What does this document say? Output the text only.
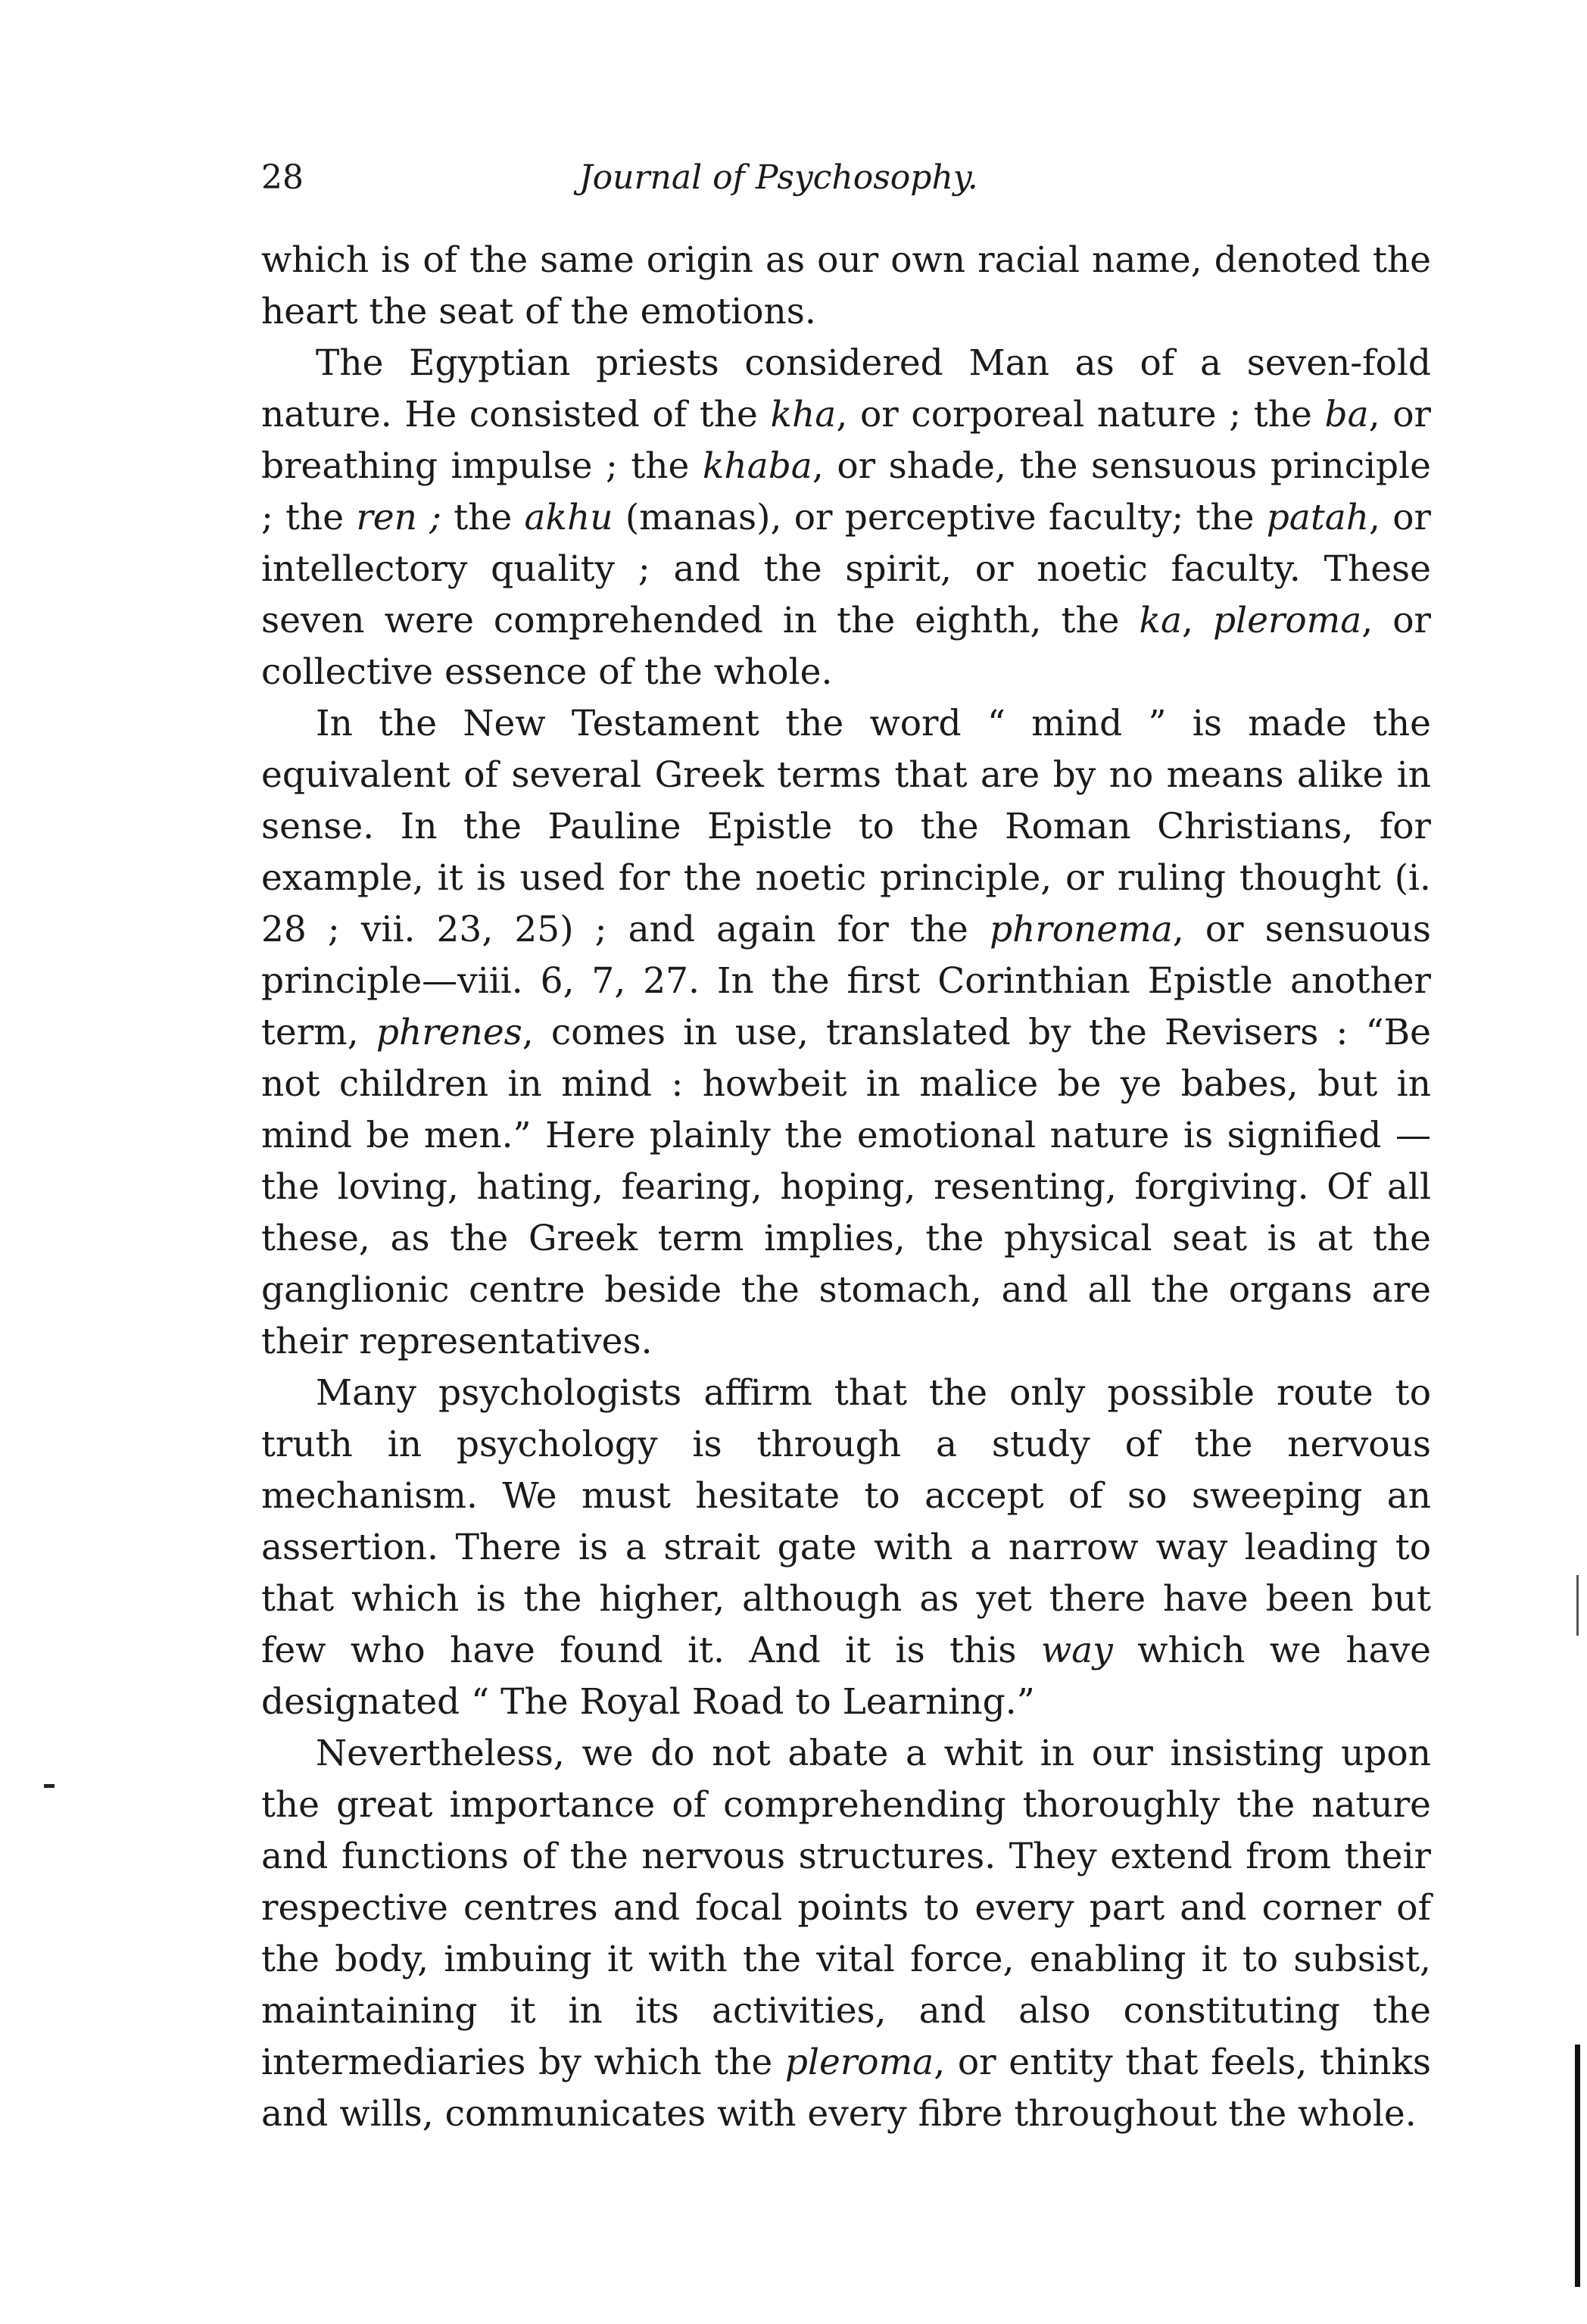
28	Journal of Psychosophy.

which is of the same origin as our own racial name, denoted the heart the seat of the emotions.

The Egyptian priests considered Man as of a seven-fold nature. He consisted of the kha, or corporeal nature ; the ba, or breathing impulse ; the khaba, or shade, the sensuous principle ; the ren ; the akhu (manas), or perceptive faculty; the patah, or intellectory quality ; and the spirit, or noetic faculty. These seven were comprehended in the eighth, the ka, pleroma, or collective essence of the whole.

In the New Testament the word “ mind ” is made the equivalent of several Greek terms that are by no means alike in sense. In the Pauline Epistle to the Roman Christians, for example, it is used for the noetic principle, or ruling thought (i. 28 ; vii. 23, 25) ; and again for the phronema, or sensuous principle—viii. 6, 7, 27. In the first Corinthian Epistle another term, phrenes, comes in use, translated by the Revisers : “Be not children in mind : howbeit in malice be ye babes, but in mind be men.” Here plainly the emotional nature is signified —the loving, hating, fearing, hoping, resenting, forgiving. Of all these, as the Greek term implies, the physical seat is at the ganglionic centre beside the stomach, and all the organs are their representatives.

Many psychologists affirm that the only possible route to truth in psychology is through a study of the nervous mechanism. We must hesitate to accept of so sweeping an assertion. There is a strait gate with a narrow way leading to that which is the higher, although as yet there have been but few who have found it. And it is this way which we have designated “ The Royal Road to Learning.”

Nevertheless, we do not abate a whit in our insisting upon the great importance of comprehending thoroughly the nature and functions of the nervous structures. They extend from their respective centres and focal points to every part and corner of the body, imbuing it with the vital force, enabling it to subsist, maintaining it in its activities, and also constituting the intermediaries by which the pleroma, or entity that feels, thinks and wills, communicates with every fibre throughout the whole.
